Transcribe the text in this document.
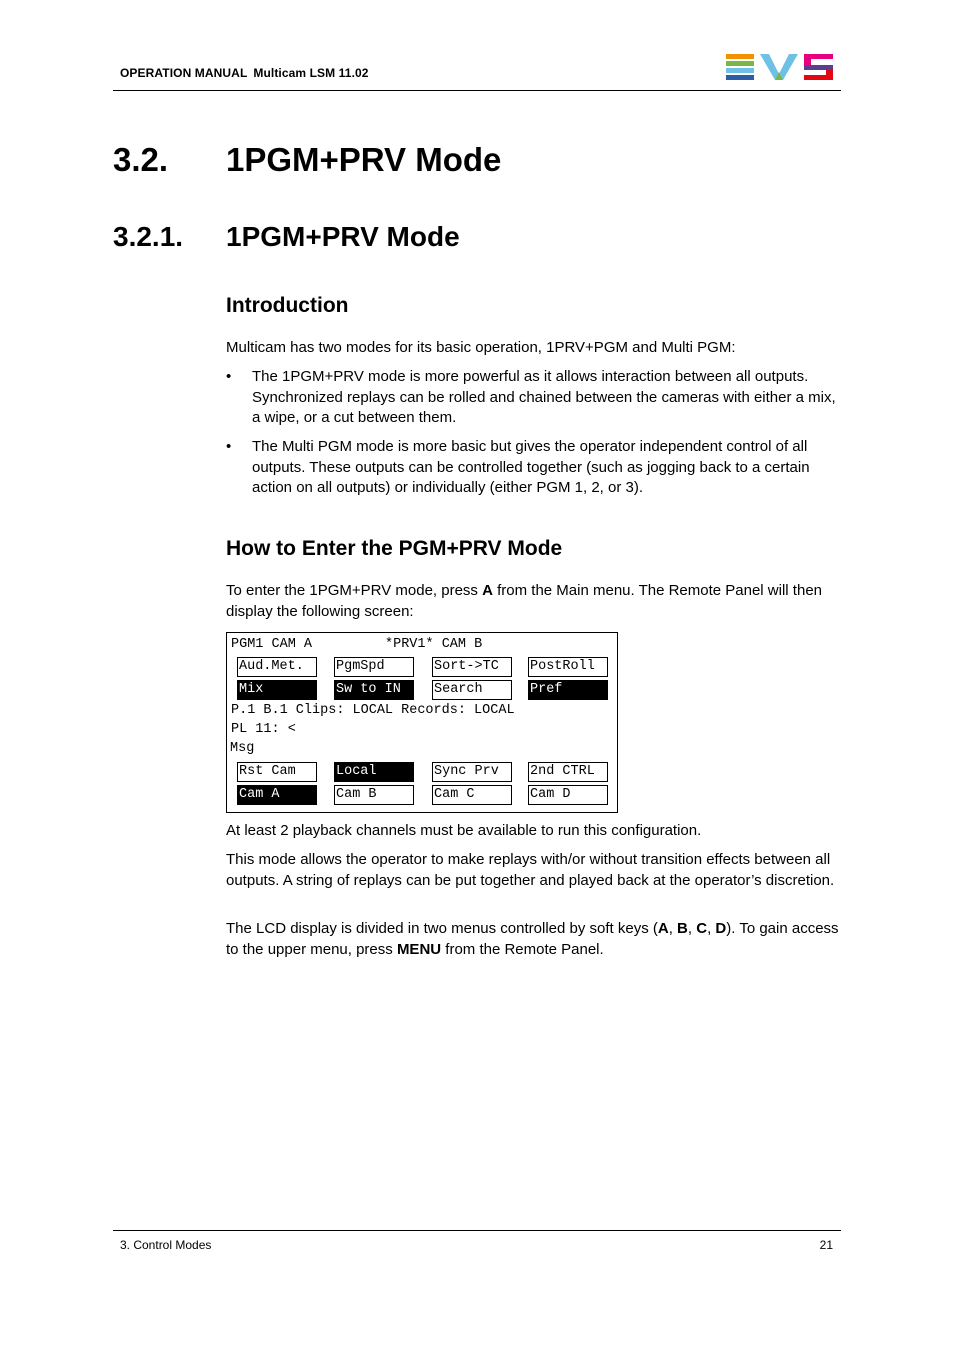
OPERATION MANUAL Multicam LSM 11.02
3.2. 1PGM+PRV Mode
3.2.1. 1PGM+PRV Mode
Introduction

Multicam has two modes for its basic operation, 1PRV+PGM and Multi PGM:

• The 1PGM+PRV mode is more powerful as it allows interaction between all outputs. Synchronized replays can be rolled and chained between the cameras with either a mix, a wipe, or a cut between them.
• The Multi PGM mode is more basic but gives the operator independent control of all outputs. These outputs can be controlled together (such as jogging back to a certain action on all outputs) or individually (either PGM 1, 2, or 3).
How to Enter the PGM+PRV Mode

To enter the 1PGM+PRV mode, press A from the Main menu. The Remote Panel will then display the following screen:

PGM1 CAM A	*PRV1* CAM B
Aud.Met.
Mix
PgmSpd
Sw to IN
Sort->TC
Search
PostRoll
Pref
P.1 B.1 Clips: LOCAL Records: LOCAL
PL 11: <
Msg
Rst Cam
Cam A
Local
Cam B
Sync Prv
Cam C
2nd CTRL
Cam D

At least 2 playback channels must be available to run this configuration.

This mode allows the operator to make replays with/or without transition effects between all outputs. A string of replays can be put together and played back at the operator’s discretion.

The LCD display is divided in two menus controlled by soft keys (A, B, C, D). To gain access to the upper menu, press MENU from the Remote Panel.

3. Control Modes	21
